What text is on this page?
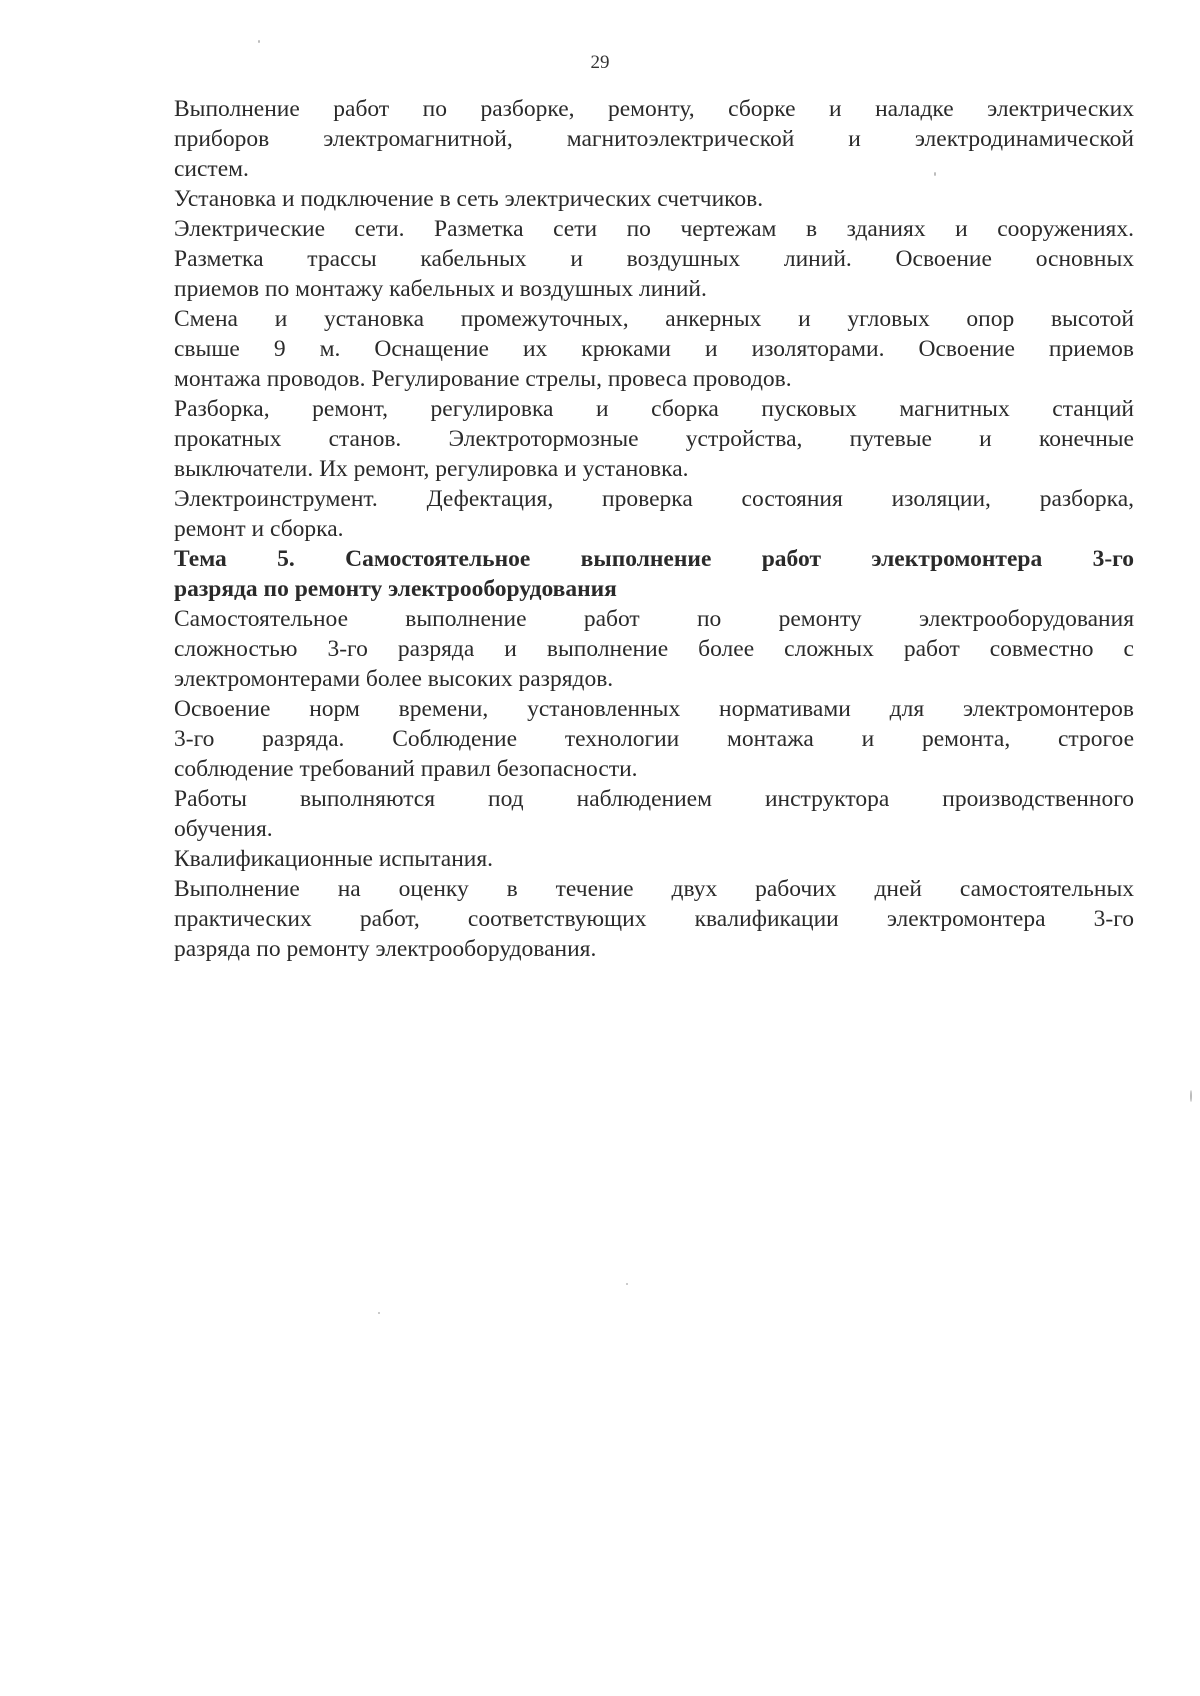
29
Выполнение работ по разборке, ремонту, сборке и наладке электрических
приборов электромагнитной, магнитоэлектрической и электродинамической
систем.
Установка и подключение в сеть электрических счетчиков.
Электрические сети. Разметка сети по чертежам в зданиях и сооружениях.
Разметка трассы кабельных и воздушных линий. Освоение основных
приемов по монтажу кабельных и воздушных линий.
Смена и установка промежуточных, анкерных и угловых опор высотой
свыше 9 м. Оснащение их крюками и изоляторами. Освоение приемов
монтажа проводов. Регулирование стрелы, провеса проводов.
Разборка, ремонт, регулировка и сборка пусковых магнитных станций
прокатных станов. Электротормозные устройства, путевые и конечные
выключатели. Их ремонт, регулировка и установка.
Электроинструмент. Дефектация, проверка состояния изоляции, разборка,
ремонт и сборка.
Тема 5. Самостоятельное выполнение работ электромонтера 3-го
разряда по ремонту электрооборудования
Самостоятельное выполнение работ по ремонту электрооборудования
сложностью 3-го разряда и выполнение более сложных работ совместно с
электромонтерами более высоких разрядов.
Освоение норм времени, установленных нормативами для электромонтеров
3-го разряда. Соблюдение технологии монтажа и ремонта, строгое
соблюдение требований правил безопасности.
Работы выполняются под наблюдением инструктора производственного
обучения.
Квалификационные испытания.
Выполнение на оценку в течение двух рабочих дней самостоятельных
практических работ, соответствующих квалификации электромонтера 3-го
разряда по ремонту электрооборудования.
